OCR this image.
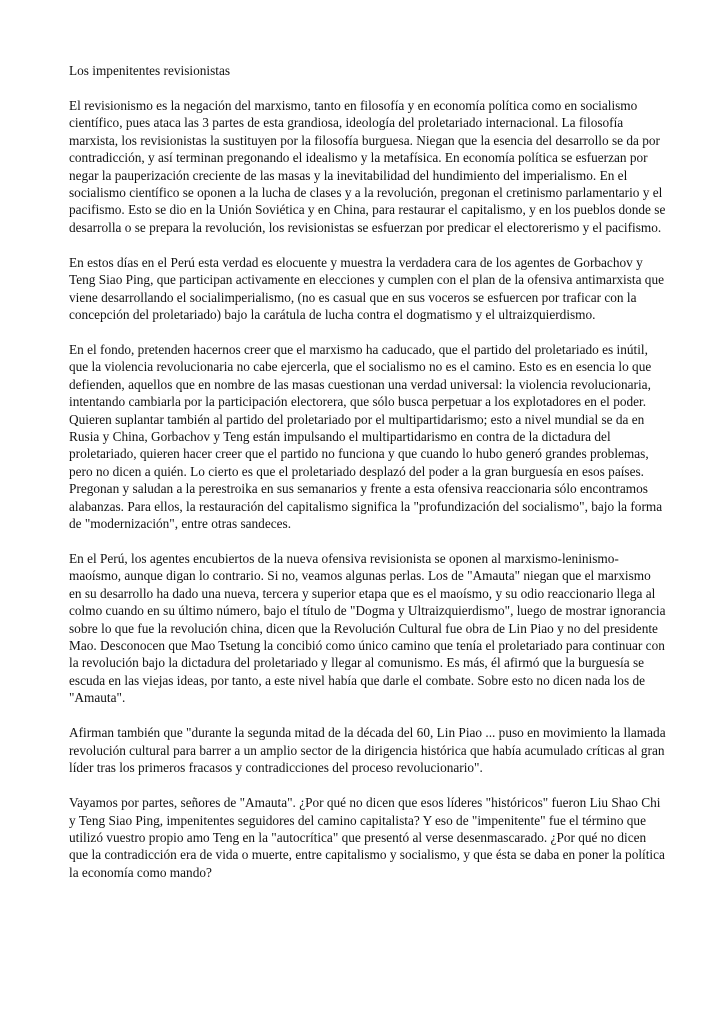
Los impenitentes revisionistas

El revisionismo es la negación del marxismo, tanto en filosofía y en economía política como en socialismo científico, pues ataca las 3 partes de esta grandiosa, ideología del proletariado internacional. La filosofía marxista, los revisionistas la sustituyen por la filosofía burguesa. Niegan que la esencia del desarrollo se da por contradicción, y así terminan pregonando el idealismo y la metafísica. En economía política se esfuerzan por negar la pauperización creciente de las masas y la inevitabilidad del hundimiento del imperialismo. En el socialismo científico se oponen a la lucha de clases y a la revolución, pregonan el cretinismo parlamentario y el pacifismo. Esto se dio en la Unión Soviética y en China, para restaurar el capitalismo, y en los pueblos donde se desarrolla o se prepara la revolución, los revisionistas se esfuerzan por predicar el electorerismo y el pacifismo.

En estos días en el Perú esta verdad es elocuente y muestra la verdadera cara de los agentes de Gorbachov y Teng Siao Ping, que participan activamente en elecciones y cumplen con el plan de la ofensiva antimarxista que viene desarrollando el socialimperialismo, (no es casual que en sus voceros se esfuercen por traficar con la concepción del proletariado) bajo la carátula de lucha contra el dogmatismo y el ultraizquierdismo.

En el fondo, pretenden hacernos creer que el marxismo ha caducado, que el partido del proletariado es inútil, que la violencia revolucionaria no cabe ejercerla, que el socialismo no es el camino. Esto es en esencia lo que defienden, aquellos que en nombre de las masas cuestionan una verdad universal: la violencia revolucionaria, intentando cambiarla por la participación electorera, que sólo busca perpetuar a los explotadores en el poder. Quieren suplantar también al partido del proletariado por el multipartidarismo; esto a nivel mundial se da en Rusia y China, Gorbachov y Teng están impulsando el multipartidarismo en contra de la dictadura del proletariado, quieren hacer creer que el partido no funciona y que cuando lo hubo generó grandes problemas, pero no dicen a quién. Lo cierto es que el proletariado desplazó del poder a la gran burguesía en esos países. Pregonan y saludan a la perestroika en sus semanarios y frente a esta ofensiva reaccionaria sólo encontramos alabanzas. Para ellos, la restauración del capitalismo significa la "profundización del socialismo", bajo la forma de "modernización", entre otras sandeces.

En el Perú, los agentes encubiertos de la nueva ofensiva revisionista se oponen al marxismo-leninismo-maoísmo, aunque digan lo contrario. Si no, veamos algunas perlas. Los de "Amauta" niegan que el marxismo en su desarrollo ha dado una nueva, tercera y superior etapa que es el maoísmo, y su odio reaccionario llega al colmo cuando en su último número, bajo el título de "Dogma y Ultraizquierdismo", luego de mostrar ignorancia sobre lo que fue la revolución china, dicen que la Revolución Cultural fue obra de Lin Piao y no del presidente Mao. Desconocen que Mao Tsetung la concibió como único camino que tenía el proletariado para continuar con la revolución bajo la dictadura del proletariado y llegar al comunismo. Es más, él afirmó que la burguesía se escuda en las viejas ideas, por tanto, a este nivel había que darle el combate. Sobre esto no dicen nada los de "Amauta".

Afirman también que "durante la segunda mitad de la década del 60, Lin Piao ... puso en movimiento la llamada revolución cultural para barrer a un amplio sector de la dirigencia histórica que había acumulado críticas al gran líder tras los primeros fracasos y contradicciones del proceso revolucionario".

Vayamos por partes, señores de "Amauta". ¿Por qué no dicen que esos líderes "históricos" fueron Liu Shao Chi y Teng Siao Ping, impenitentes seguidores del camino capitalista? Y eso de "impenitente" fue el término que utilizó vuestro propio amo Teng en la "autocrítica" que presentó al verse desenmascarado. ¿Por qué no dicen que la contradicción era de vida o muerte, entre capitalismo y socialismo, y que ésta se daba en poner la política la economía como mando?
